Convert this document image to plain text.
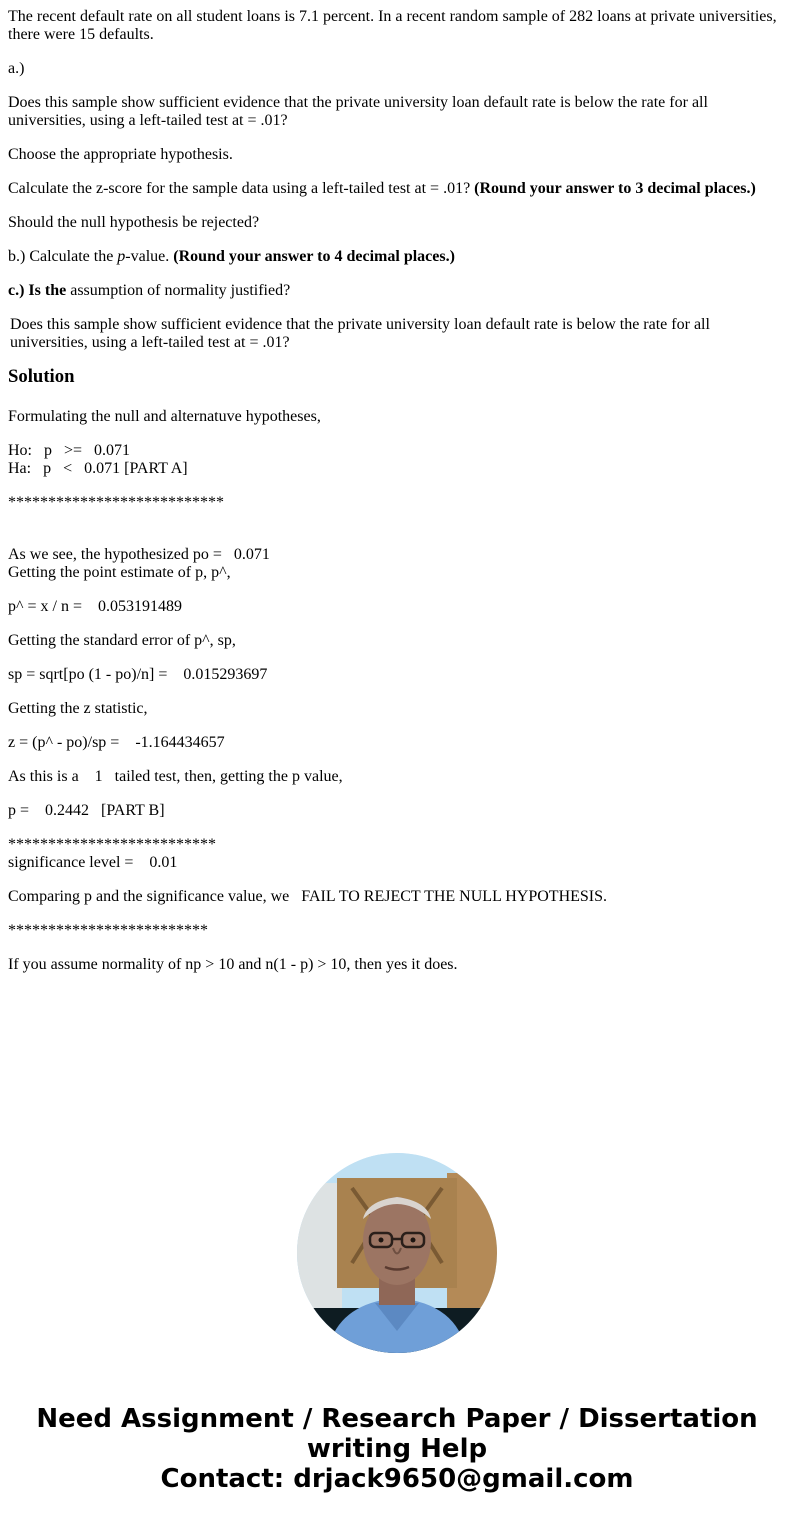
The recent default rate on all student loans is 7.1 percent. In a recent random sample of 282 loans at private universities, there were 15 defaults.

a.)

Does this sample show sufficient evidence that the private university loan default rate is below the rate for all universities, using a left-tailed test at = .01?

Choose the appropriate hypothesis.

Calculate the z-score for the sample data using a left-tailed test at = .01? (Round your answer to 3 decimal places.)

Should the null hypothesis be rejected?

b.) Calculate the p-value. (Round your answer to 4 decimal places.)

c.) Is the assumption of normality justified?

Does this sample show sufficient evidence that the private university loan default rate is below the rate for all universities, using a left-tailed test at = .01?

Solution

Formulating the null and alternatuve hypotheses,

Ho:   p   >=   0.071
Ha:   p   <   0.071 [PART A]

***************************

As we see, the hypothesized po =   0.071

Getting the point estimate of p, p^,

p^ = x / n =    0.053191489

Getting the standard error of p^, sp,

sp = sqrt[po (1 - po)/n] =    0.015293697

Getting the z statistic,

z = (p^ - po)/sp =    -1.164434657

As this is a    1   tailed test, then, getting the p value,

p =    0.2442   [PART B]

**************************

significance level =    0.01

Comparing p and the significance value, we   FAIL TO REJECT THE NULL HYPOTHESIS.

*************************

If you assume normality of np > 10 and n(1 - p) > 10, then yes it does.

Need Assignment / Research Paper / Dissertation
writing Help
Contact: drjack9650@gmail.com
